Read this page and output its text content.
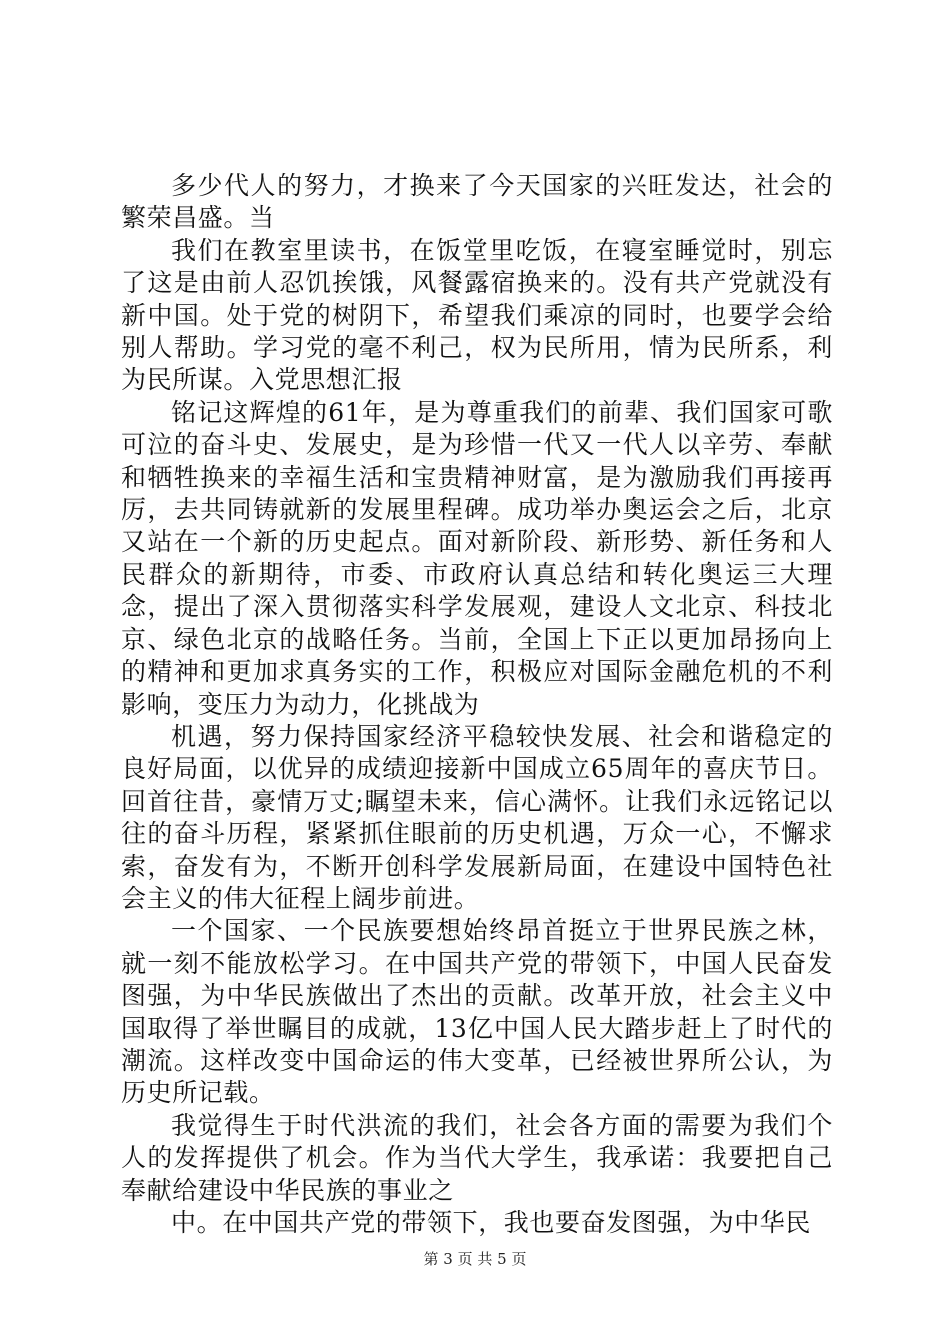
多少代人的努力，才换来了今天国家的兴旺发达，社会的繁荣昌盛。当

我们在教室里读书，在饭堂里吃饭，在寝室睡觉时，别忘了这是由前人忍饥挨饿，风餐露宿换来的。没有共产党就没有新中国。处于党的树阴下，希望我们乘凉的同时，也要学会给别人帮助。学习党的毫不利己，权为民所用，情为民所系，利为民所谋。入党思想汇报

铭记这辉煌的61年，是为尊重我们的前辈、我们国家可歌可泣的奋斗史、发展史，是为珍惜一代又一代人以辛劳、奉献和牺牲换来的幸福生活和宝贵精神财富，是为激励我们再接再厉，去共同铸就新的发展里程碑。成功举办奥运会之后，北京又站在一个新的历史起点。面对新阶段、新形势、新任务和人民群众的新期待，市委、市政府认真总结和转化奥运三大理念，提出了深入贯彻落实科学发展观，建设人文北京、科技北京、绿色北京的战略任务。当前，全国上下正以更加昂扬向上的精神和更加求真务实的工作，积极应对国际金融危机的不利影响，变压力为动力，化挑战为

机遇，努力保持国家经济平稳较快发展、社会和谐稳定的良好局面，以优异的成绩迎接新中国成立65周年的喜庆节日。回首往昔，豪情万丈;瞩望未来，信心满怀。让我们永远铭记以往的奋斗历程，紧紧抓住眼前的历史机遇，万众一心，不懈求索，奋发有为，不断开创科学发展新局面，在建设中国特色社会主义的伟大征程上阔步前进。

一个国家、一个民族要想始终昂首挺立于世界民族之林，就一刻不能放松学习。在中国共产党的带领下，中国人民奋发图强，为中华民族做出了杰出的贡献。改革开放，社会主义中国取得了举世瞩目的成就，13亿中国人民大踏步赶上了时代的潮流。这样改变中国命运的伟大变革，已经被世界所公认，为历史所记载。

我觉得生于时代洪流的我们，社会各方面的需要为我们个人的发挥提供了机会。作为当代大学生，我承诺：我要把自己奉献给建设中华民族的事业之

中。在中国共产党的带领下，我也要奋发图强，为中华民

第 3 页 共 5 页
